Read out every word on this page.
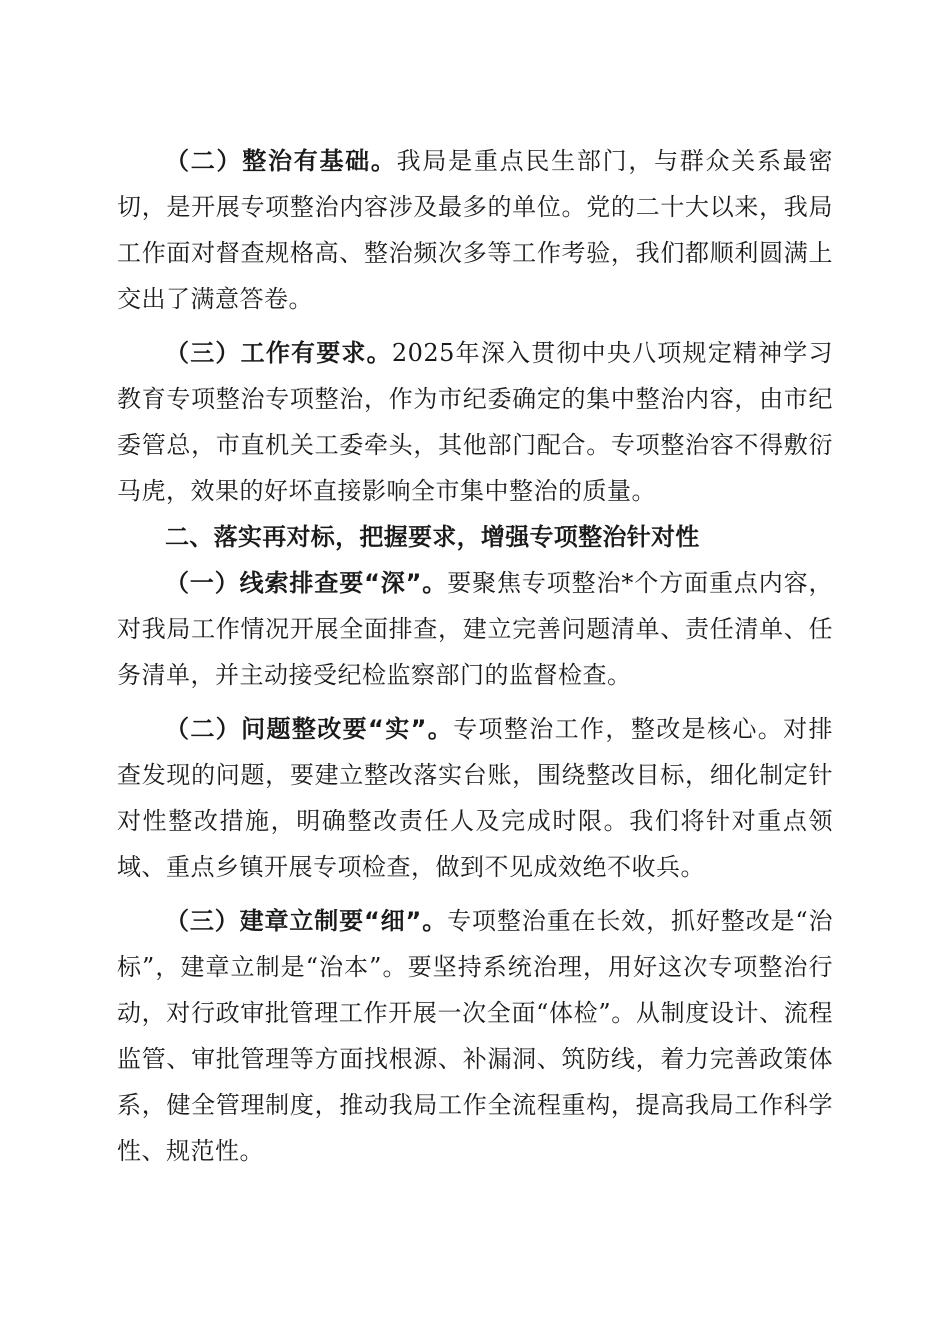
（二）整治有基础。我局是重点民生部门，与群众关系最密切，是开展专项整治内容涉及最多的单位。党的二十大以来，我局工作面对督查规格高、整治频次多等工作考验，我们都顺利圆满上交出了满意答卷。

（三）工作有要求。2025年深入贯彻中央八项规定精神学习教育专项整治专项整治，作为市纪委确定的集中整治内容，由市纪委管总，市直机关工委牵头，其他部门配合。专项整治容不得敷衍马虎，效果的好坏直接影响全市集中整治的质量。

二、落实再对标，把握要求，增强专项整治针对性

（一）线索排查要“深”。要聚焦专项整治*个方面重点内容，对我局工作情况开展全面排查，建立完善问题清单、责任清单、任务清单，并主动接受纪检监察部门的监督检查。

（二）问题整改要“实”。专项整治工作，整改是核心。对排查发现的问题，要建立整改落实台账，围绕整改目标，细化制定针对性整改措施，明确整改责任人及完成时限。我们将针对重点领域、重点乡镇开展专项检查，做到不见成效绝不收兵。

（三）建章立制要“细”。专项整治重在长效，抓好整改是“治标”，建章立制是“治本”。要坚持系统治理，用好这次专项整治行动，对行政审批管理工作开展一次全面“体检”。从制度设计、流程监管、审批管理等方面找根源、补漏洞、筑防线，着力完善政策体系，健全管理制度，推动我局工作全流程重构，提高我局工作科学性、规范性。
